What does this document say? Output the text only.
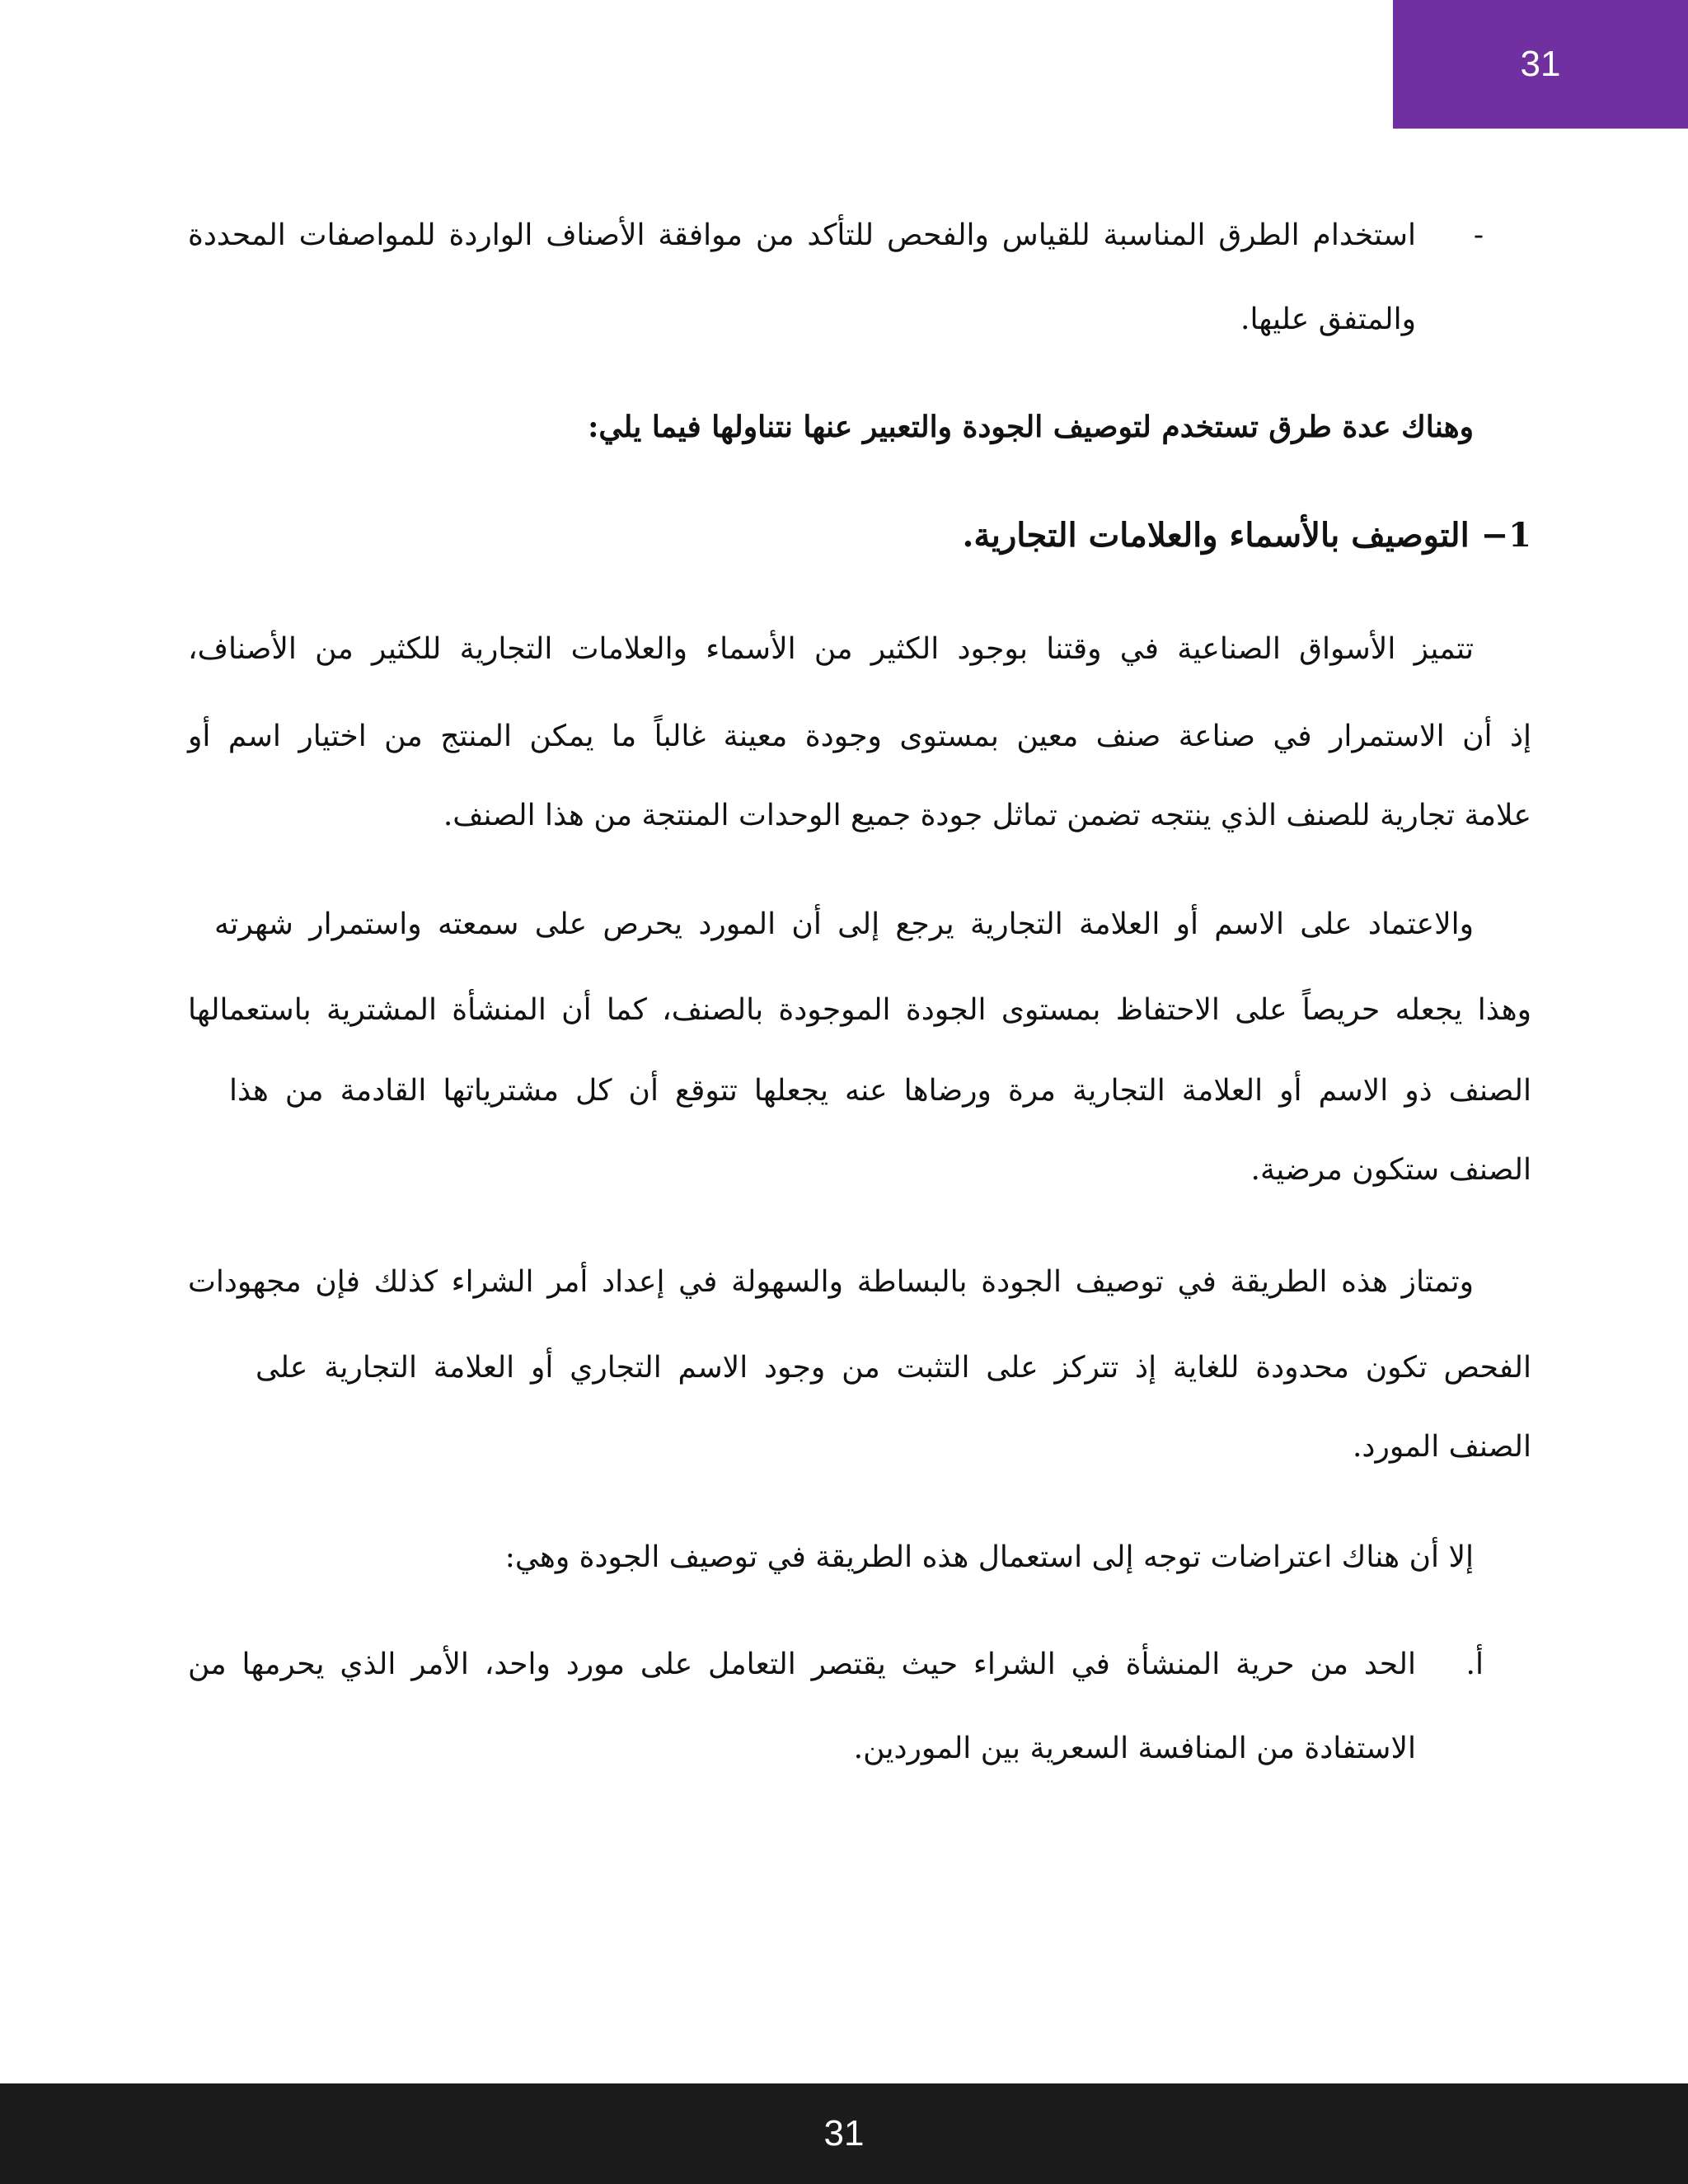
31
-
استخدام الطرق المناسبة للقياس والفحص للتأكد من موافقة الأصناف الواردة للمواصفات المحددة
والمتفق عليها.
وهناك عدة طرق تستخدم لتوصيف الجودة والتعبير عنها نتناولها فيما يلي:
1− التوصيف بالأسماء والعلامات التجارية.
تتميز الأسواق الصناعية في وقتنا بوجود الكثير من الأسماء والعلامات التجارية للكثير من الأصناف،
إذ أن الاستمرار في صناعة صنف معين بمستوى وجودة معينة غالباً ما يمكن المنتج من اختيار اسم أو
علامة تجارية للصنف الذي ينتجه تضمن تماثل جودة جميع الوحدات المنتجة من هذا الصنف.
والاعتماد على الاسم أو العلامة التجارية يرجع إلى أن المورد يحرص على سمعته واستمرار شهرته
وهذا يجعله حريصاً على الاحتفاظ بمستوى الجودة الموجودة بالصنف، كما أن المنشأة المشترية باستعمالها
الصنف ذو الاسم أو العلامة التجارية مرة ورضاها عنه يجعلها تتوقع أن كل مشترياتها القادمة من هذا
الصنف ستكون مرضية.
وتمتاز هذه الطريقة في توصيف الجودة بالبساطة والسهولة في إعداد أمر الشراء كذلك فإن مجهودات
الفحص تكون محدودة للغاية إذ تتركز على التثبت من وجود الاسم التجاري أو العلامة التجارية على
الصنف المورد.
إلا أن هناك اعتراضات توجه إلى استعمال هذه الطريقة في توصيف الجودة وهي:
أ.
الحد من حرية المنشأة في الشراء حيث يقتصر التعامل على مورد واحد، الأمر الذي يحرمها من
الاستفادة من المنافسة السعرية بين الموردين.
31
